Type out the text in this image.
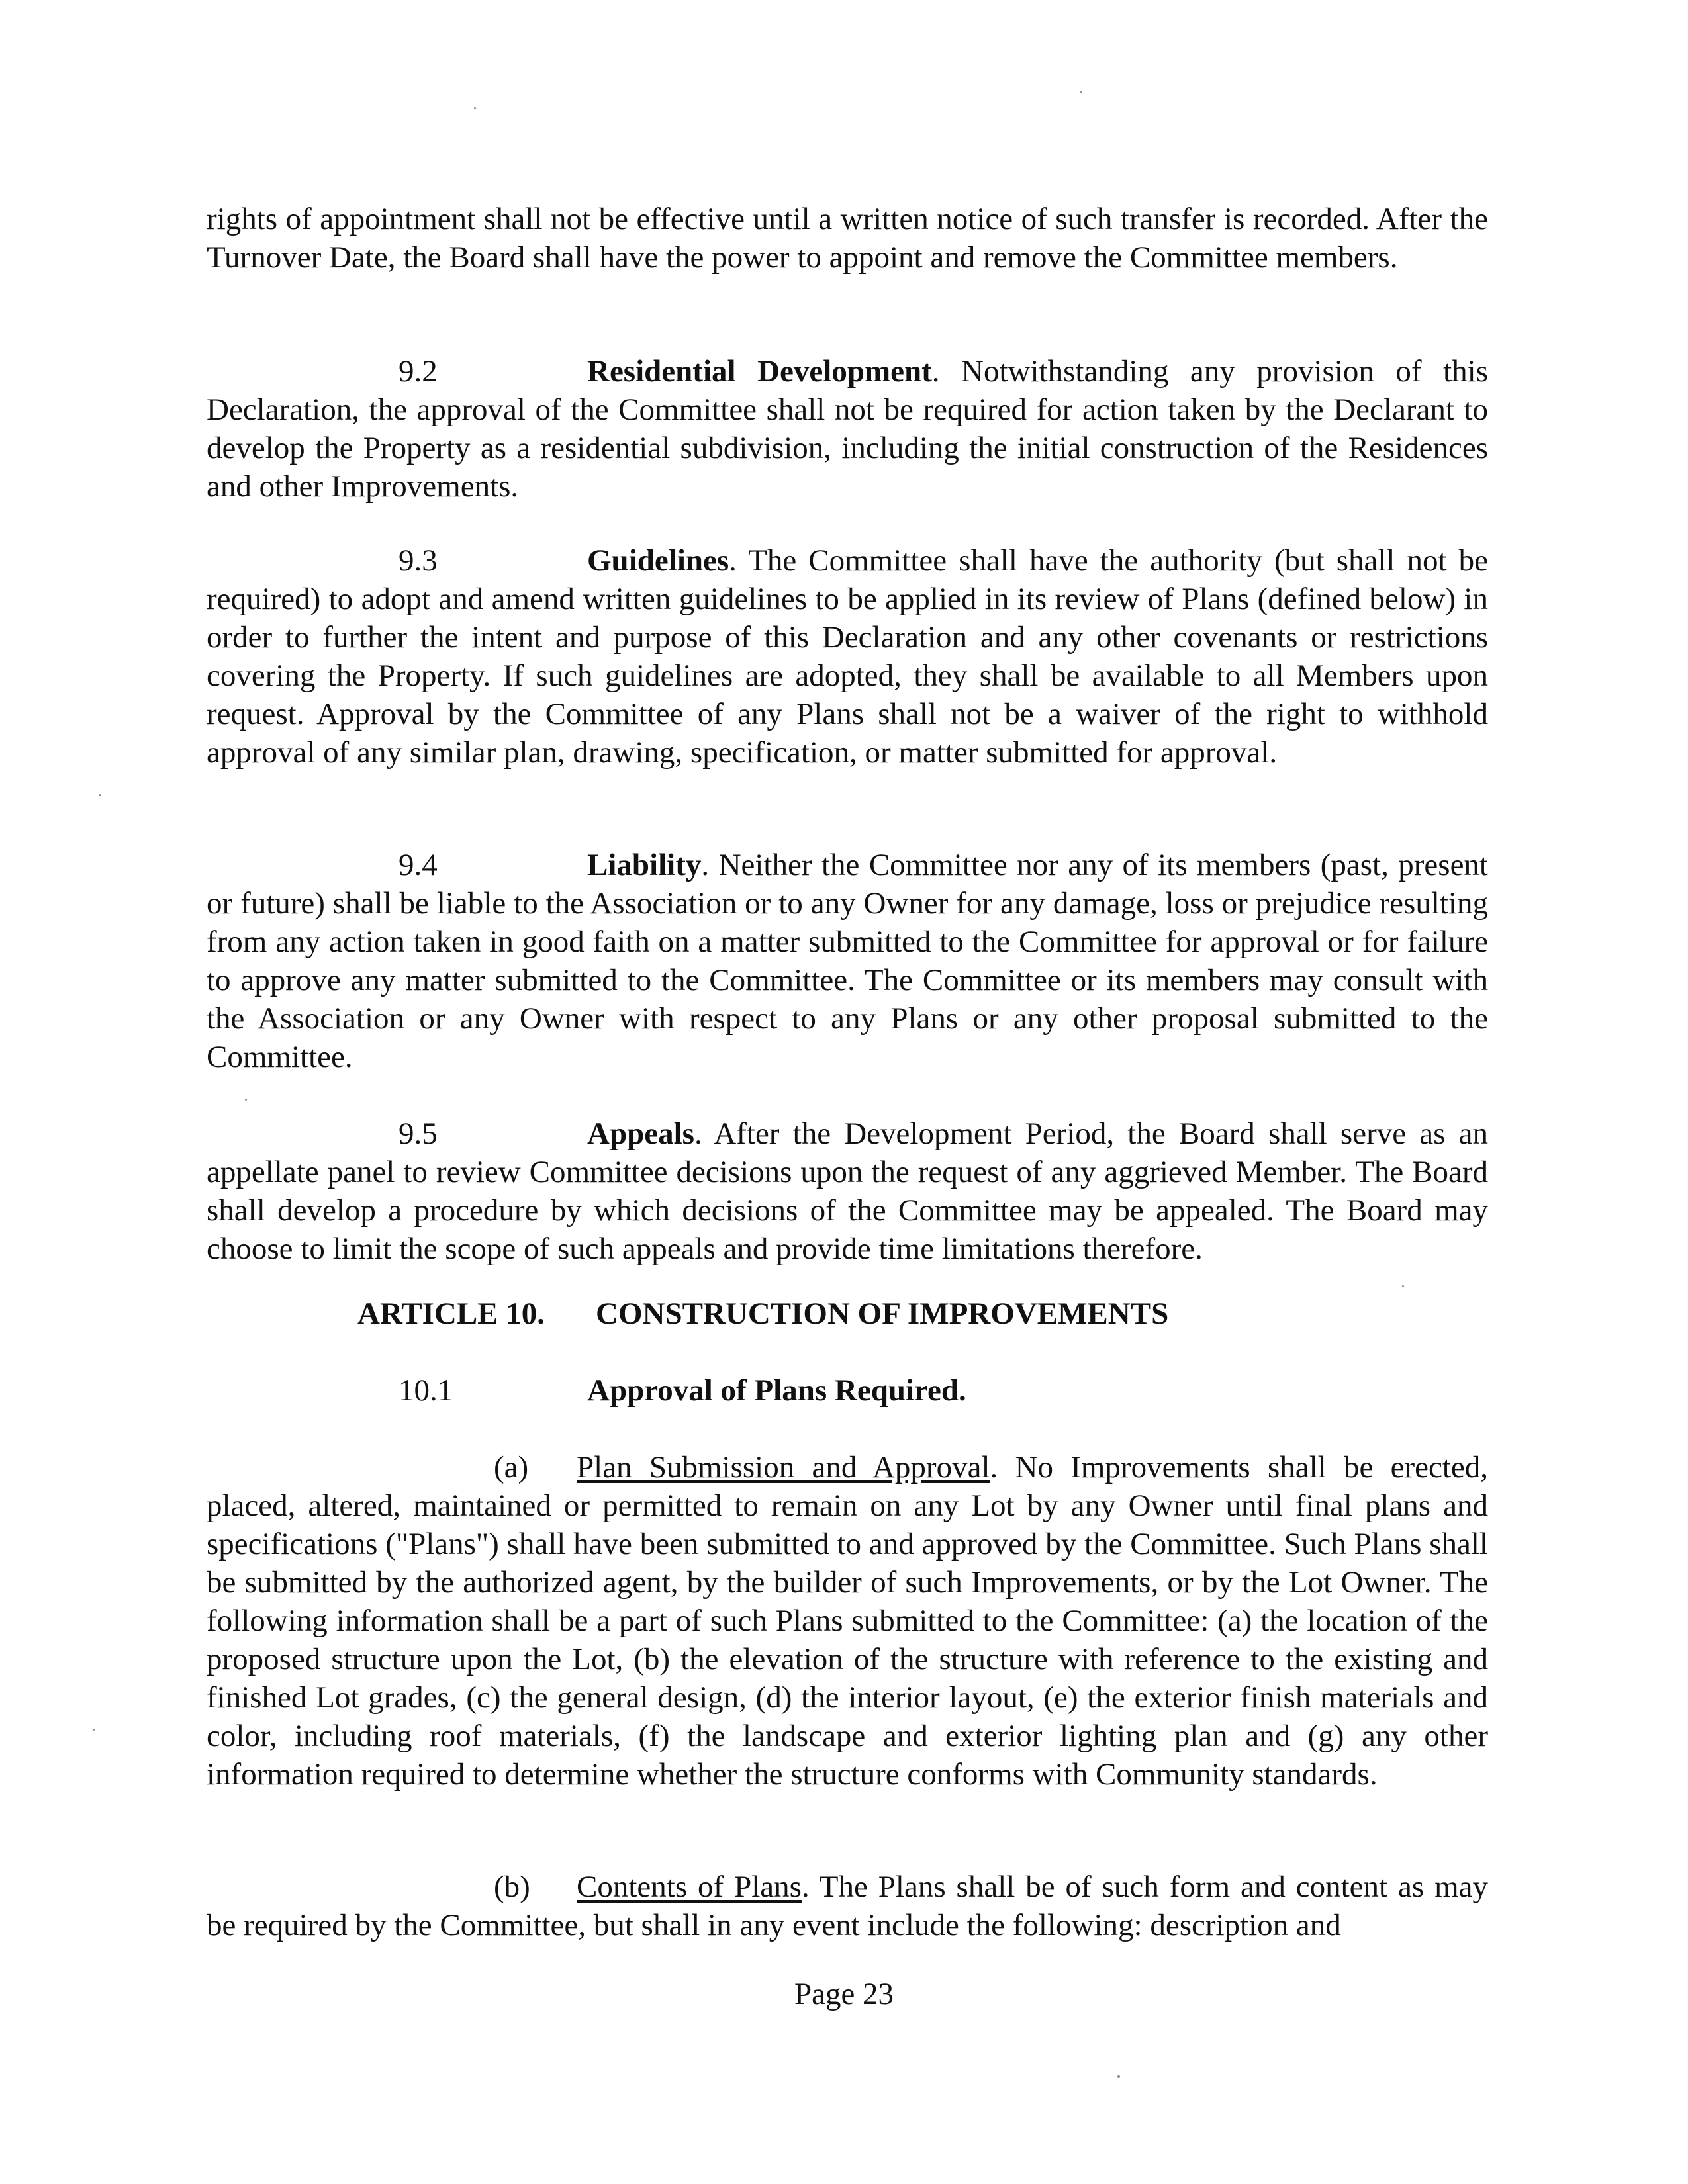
rights of appointment shall not be effective until a written notice of such transfer is recorded. After the Turnover Date, the Board shall have the power to appoint and remove the Committee members.

9.2	Residential Development. Notwithstanding any provision of this Declaration, the approval of the Committee shall not be required for action taken by the Declarant to develop the Property as a residential subdivision, including the initial construction of the Residences and other Improvements.

9.3	Guidelines. The Committee shall have the authority (but shall not be required) to adopt and amend written guidelines to be applied in its review of Plans (defined below) in order to further the intent and purpose of this Declaration and any other covenants or restrictions covering the Property. If such guidelines are adopted, they shall be available to all Members upon request. Approval by the Committee of any Plans shall not be a waiver of the right to withhold approval of any similar plan, drawing, specification, or matter submitted for approval.

9.4	Liability. Neither the Committee nor any of its members (past, present or future) shall be liable to the Association or to any Owner for any damage, loss or prejudice resulting from any action taken in good faith on a matter submitted to the Committee for approval or for failure to approve any matter submitted to the Committee. The Committee or its members may consult with the Association or any Owner with respect to any Plans or any other proposal submitted to the Committee.

9.5	Appeals. After the Development Period, the Board shall serve as an appellate panel to review Committee decisions upon the request of any aggrieved Member. The Board shall develop a procedure by which decisions of the Committee may be appealed. The Board may choose to limit the scope of such appeals and provide time limitations therefore.

ARTICLE 10. CONSTRUCTION OF IMPROVEMENTS
10.1	Approval of Plans Required.

(a) Plan Submission and Approval. No Improvements shall be erected, placed, altered, maintained or permitted to remain on any Lot by any Owner until final plans and specifications ("Plans") shall have been submitted to and approved by the Committee. Such Plans shall be submitted by the authorized agent, by the builder of such Improvements, or by the Lot Owner. The following information shall be a part of such Plans submitted to the Committee: (a) the location of the proposed structure upon the Lot, (b) the elevation of the structure with reference to the existing and finished Lot grades, (c) the general design, (d) the interior layout, (e) the exterior finish materials and color, including roof materials, (f) the landscape and exterior lighting plan and (g) any other information required to determine whether the structure conforms with Community standards.

(b) Contents of Plans. The Plans shall be of such form and content as may be required by the Committee, but shall in any event include the following: description and

Page 23
